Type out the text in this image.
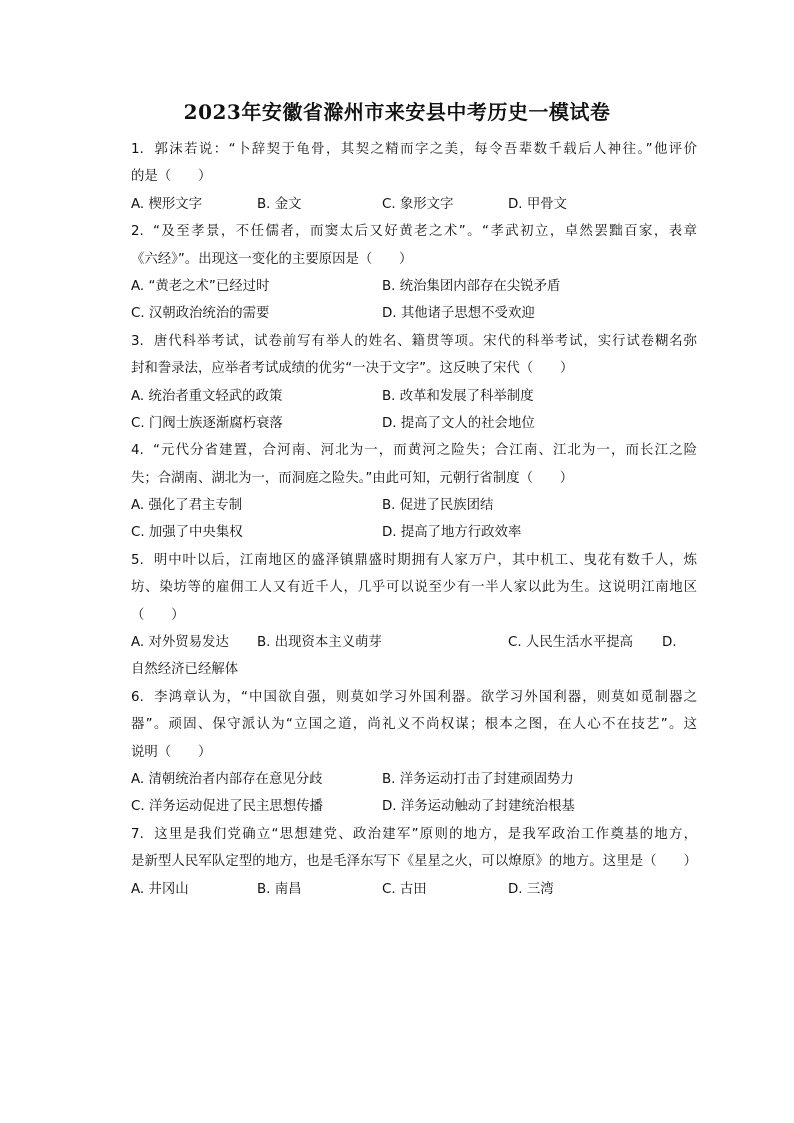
2023年安徽省滁州市来安县中考历史一模试卷
1. 郭沫若说：“卜辞契于龟骨，其契之精而字之美，每令吾辈数千载后人神往。”他评价
的是（　　）
A. 楔形文字	B. 金文	C. 象形文字	D. 甲骨文
2. “及至孝景，不任儒者，而窦太后又好黄老之术”。“孝武初立，卓然罢黜百家，表章
《六经》”。出现这一变化的主要原因是（　　）
A. “黄老之术”已经过时	B. 统治集团内部存在尖锐矛盾
C. 汉朝政治统治的需要	D. 其他诸子思想不受欢迎
3. 唐代科举考试，试卷前写有举人的姓名、籍贯等项。宋代的科举考试，实行试卷糊名弥
封和誊录法，应举者考试成绩的优劣“一决于文字”。这反映了宋代（　　）
A. 统治者重文轻武的政策	B. 改革和发展了科举制度
C. 门阀士族逐渐腐朽衰落	D. 提高了文人的社会地位
4. “元代分省建置，合河南、河北为一，而黄河之险失；合江南、江北为一，而长江之险
失；合湖南、湖北为一，而洞庭之险失。”由此可知，元朝行省制度（　　）
A. 强化了君主专制	B. 促进了民族团结
C. 加强了中央集权	D. 提高了地方行政效率
5. 明中叶以后，江南地区的盛泽镇鼎盛时期拥有人家万户，其中机工、曳花有数千人，炼
坊、染坊等的雇佣工人又有近千人，几乎可以说至少有一半人家以此为生。这说明江南地区
（　　）
A. 对外贸易发达 B. 出现资本主义萌芽	C. 人民生活水平提高 D.
自然经济已经解体
6. 李鸿章认为，“中国欲自强，则莫如学习外国利器。欲学习外国利器，则莫如觅制器之
器”。顽固、保守派认为“立国之道，尚礼义不尚权谋；根本之图，在人心不在技艺”。这
说明（　　）
A. 清朝统治者内部存在意见分歧	B. 洋务运动打击了封建顽固势力
C. 洋务运动促进了民主思想传播	D. 洋务运动触动了封建统治根基
7. 这里是我们党确立“思想建党、政治建军”原则的地方，是我军政治工作奠基的地方，
是新型人民军队定型的地方，也是毛泽东写下《星星之火，可以燎原》的地方。这里是（　　）
A. 井冈山	B. 南昌	C. 古田	D. 三湾
